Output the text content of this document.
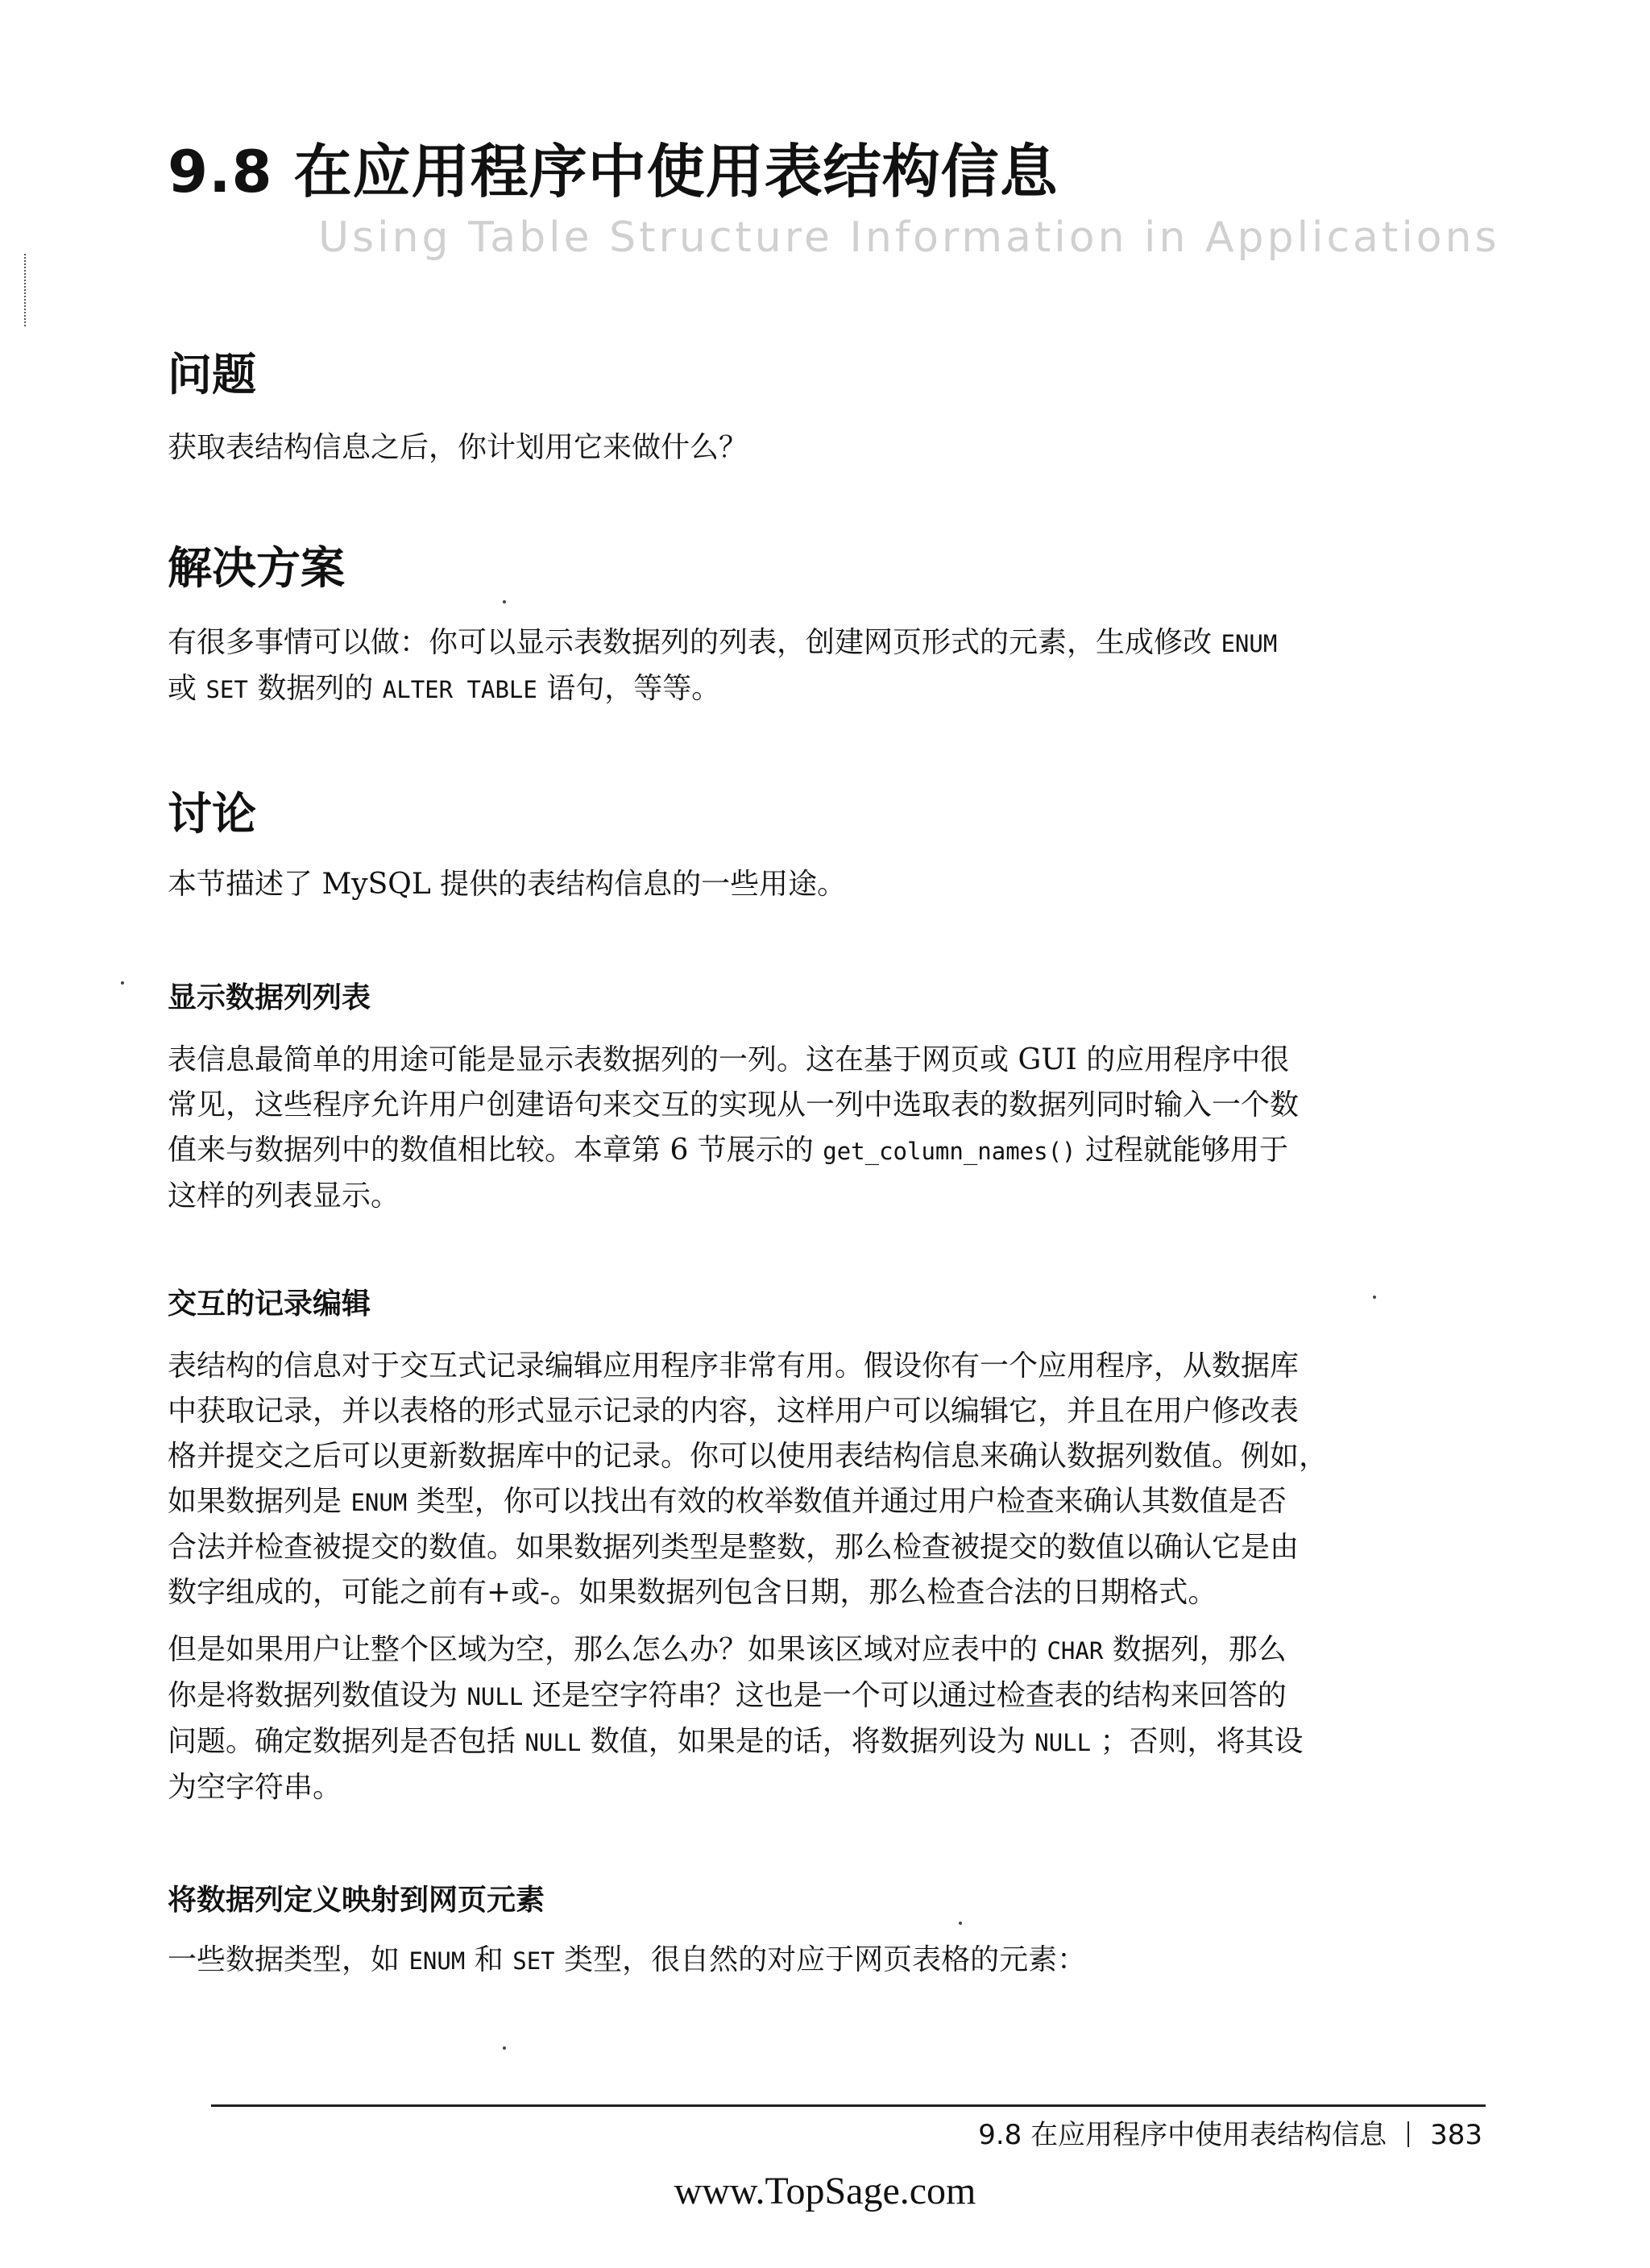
9.8 在应用程序中使用表结构信息
Using Table Structure Information in Applications
问题
获取表结构信息之后，你计划用它来做什么？
解决方案
有很多事情可以做：你可以显示表数据列的列表，创建网页形式的元素，生成修改 ENUM
或 SET 数据列的 ALTER TABLE 语句，等等。
讨论
本节描述了 MySQL 提供的表结构信息的一些用途。
显示数据列列表
表信息最简单的用途可能是显示表数据列的一列。这在基于网页或 GUI 的应用程序中很
常见，这些程序允许用户创建语句来交互的实现从一列中选取表的数据列同时输入一个数
值来与数据列中的数值相比较。本章第 6 节展示的 get_column_names() 过程就能够用于
这样的列表显示。
交互的记录编辑
表结构的信息对于交互式记录编辑应用程序非常有用。假设你有一个应用程序，从数据库
中获取记录，并以表格的形式显示记录的内容，这样用户可以编辑它，并且在用户修改表
格并提交之后可以更新数据库中的记录。你可以使用表结构信息来确认数据列数值。例如，
如果数据列是 ENUM 类型，你可以找出有效的枚举数值并通过用户检查来确认其数值是否
合法并检查被提交的数值。如果数据列类型是整数，那么检查被提交的数值以确认它是由
数字组成的，可能之前有+或-。如果数据列包含日期，那么检查合法的日期格式。
但是如果用户让整个区域为空，那么怎么办？如果该区域对应表中的 CHAR 数据列，那么
你是将数据列数值设为 NULL 还是空字符串？这也是一个可以通过检查表的结构来回答的
问题。确定数据列是否包括 NULL 数值，如果是的话，将数据列设为 NULL ；否则，将其设
为空字符串。
将数据列定义映射到网页元素
一些数据类型，如 ENUM 和 SET 类型，很自然的对应于网页表格的元素：
9.8 在应用程序中使用表结构信息 383
www.TopSage.com
